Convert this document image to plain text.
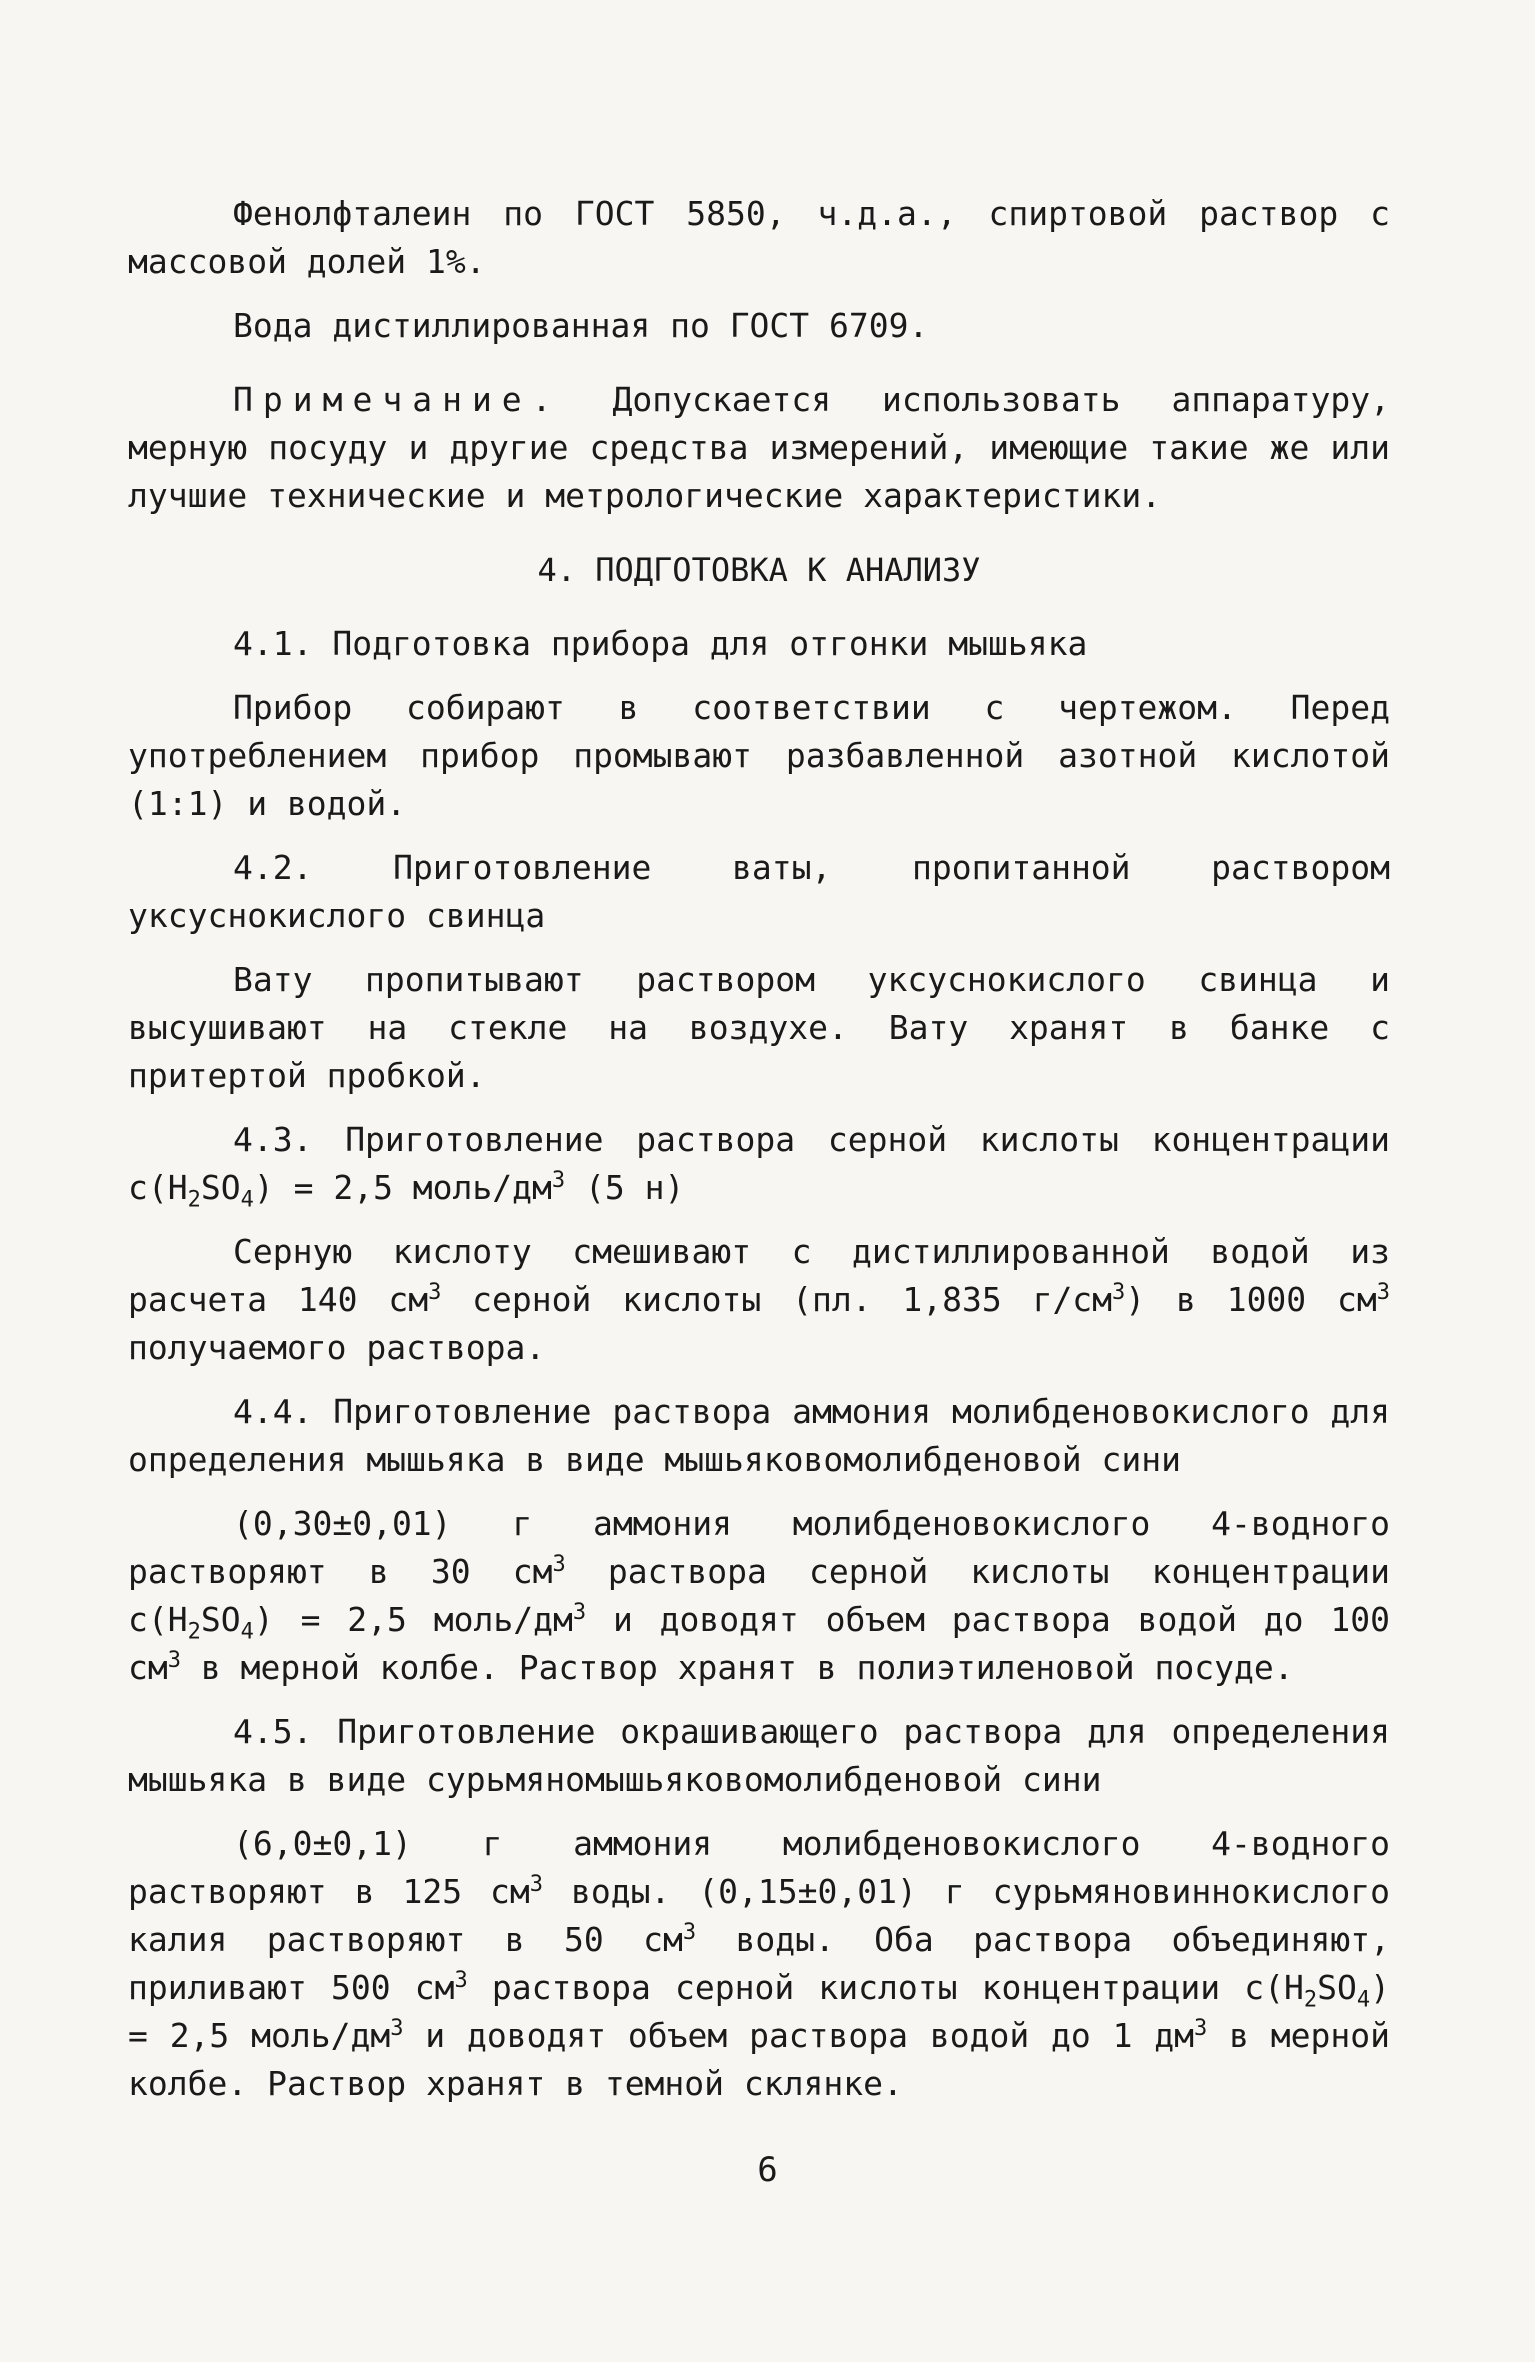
Фенолфталеин по ГОСТ 5850, ч.д.а., спиртовой раствор с массовой долей 1%.

Вода дистиллированная по ГОСТ 6709.

Примечание. Допускается использовать аппаратуру, мерную посуду и другие средства измерений, имеющие такие же или лучшие технические и метрологические характеристики.

4. ПОДГОТОВКА К АНАЛИЗУ

4.1. Подготовка прибора для отгонки мышьяка

Прибор собирают в соответствии с чертежом. Перед употреблением прибор промывают разбавленной азотной кислотой (1:1) и водой.

4.2. Приготовление ваты, пропитанной раствором уксуснокислого свинца

Вату пропитывают раствором уксуснокислого свинца и высушивают на стекле на воздухе. Вату хранят в банке с притертой пробкой.

4.3. Приготовление раствора серной кислоты концентрации $c(H_2SO_4) = 2,5$ моль/$дм^3$ (5 н)

Серную кислоту смешивают с дистиллированной водой из расчета 140 $см^3$ серной кислоты (пл. 1,835 $г/см^3$) в 1000 $см^3$ получаемого раствора.

4.4. Приготовление раствора аммония молибденовокислого для определения мышьяка в виде мышьяковомолибденовой сини

(0,30±0,01) г аммония молибденовокислого 4-водного растворяют в 30 $см^3$ раствора серной кислоты концентрации $c(H_2SO_4) = 2,5$ моль/$дм^3$ и доводят объем раствора водой до 100 $см^3$ в мерной колбе. Раствор хранят в полиэтиленовой посуде.

4.5. Приготовление окрашивающего раствора для определения мышьяка в виде сурьмяномышьяковомолибденовой сини

(6,0±0,1) г аммония молибденовокислого 4-водного растворяют в 125 $см^3$ воды. (0,15±0,01) г сурьмяновиннокислого калия растворяют в 50 $см^3$ воды. Оба раствора объединяют, приливают 500 $см^3$ раствора серной кислоты концентрации $c(H_2SO_4) = 2,5$ моль/$дм^3$ и доводят объем раствора водой до 1 $дм^3$ в мерной колбе. Раствор хранят в темной склянке.

6
